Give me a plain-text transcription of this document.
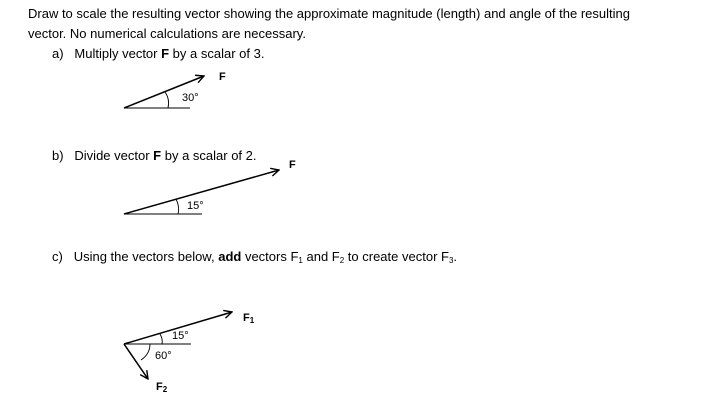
Draw to scale the resulting vector showing the approximate magnitude (length) and angle of the resulting
vector. No numerical calculations are necessary.
a) Multiply vector F by a scalar of 3.
b) Divide vector F by a scalar of 2.
c) Using the vectors below, add vectors $F_1$ and $F_2$ to create vector $F_3$.
30°
F
15°
F
15°
60°
$F_1$
$F_2$
